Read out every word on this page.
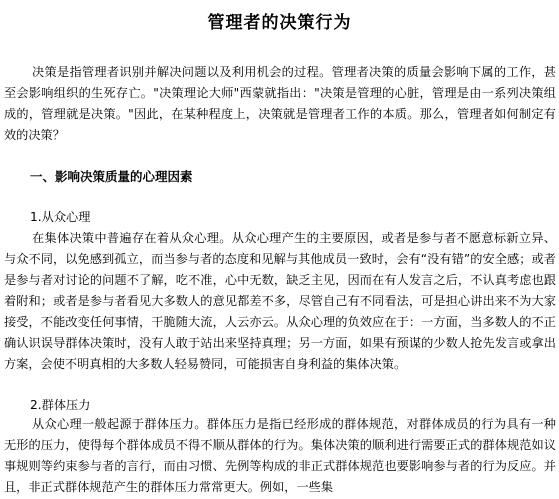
管理者的决策行为

决策是指管理者识别并解决问题以及利用机会的过程。管理者决策的质量会影响下属的工作，甚至会影响组织的生死存亡。"决策理论大师"西蒙就指出："决策是管理的心脏，管理是由一系列决策组成的，管理就是决策。"因此，在某种程度上，决策就是管理者工作的本质。那么，管理者如何制定有效的决策？

一、影响决策质量的心理因素
1.从众心理

在集体决策中普遍存在着从众心理。从众心理产生的主要原因，或者是参与者不愿意标新立异、与众不同，以免感到孤立，而当参与者的态度和见解与其他成员一致时，会有“没有错”的安全感；或者是参与者对讨论的问题不了解，吃不准，心中无数，缺乏主见，因而在有人发言之后，不认真考虑也跟着附和；或者是参与者看见大多数人的意见都差不多，尽管自己有不同看法，可是担心讲出来不为大家接受，不能改变任何事情，干脆随大流，人云亦云。从众心理的负效应在于：一方面，当多数人的不正确认识误导群体决策时，没有人敢于站出来坚持真理；另一方面，如果有预谋的少数人抢先发言或拿出方案，会使不明真相的大多数人轻易赞同，可能损害自身利益的集体决策。

2.群体压力

从众心理一般起源于群体压力。群体压力是指已经形成的群体规范，对群体成员的行为具有一种无形的压力，使得每个群体成员不得不顺从群体的行为。集体决策的顺利进行需要正式的群体规范如议事规则等约束参与者的言行，而由习惯、先例等构成的非正式群体规范也要影响参与者的行为反应。并且，非正式群体规范产生的群体压力常常更大。例如，一些集
